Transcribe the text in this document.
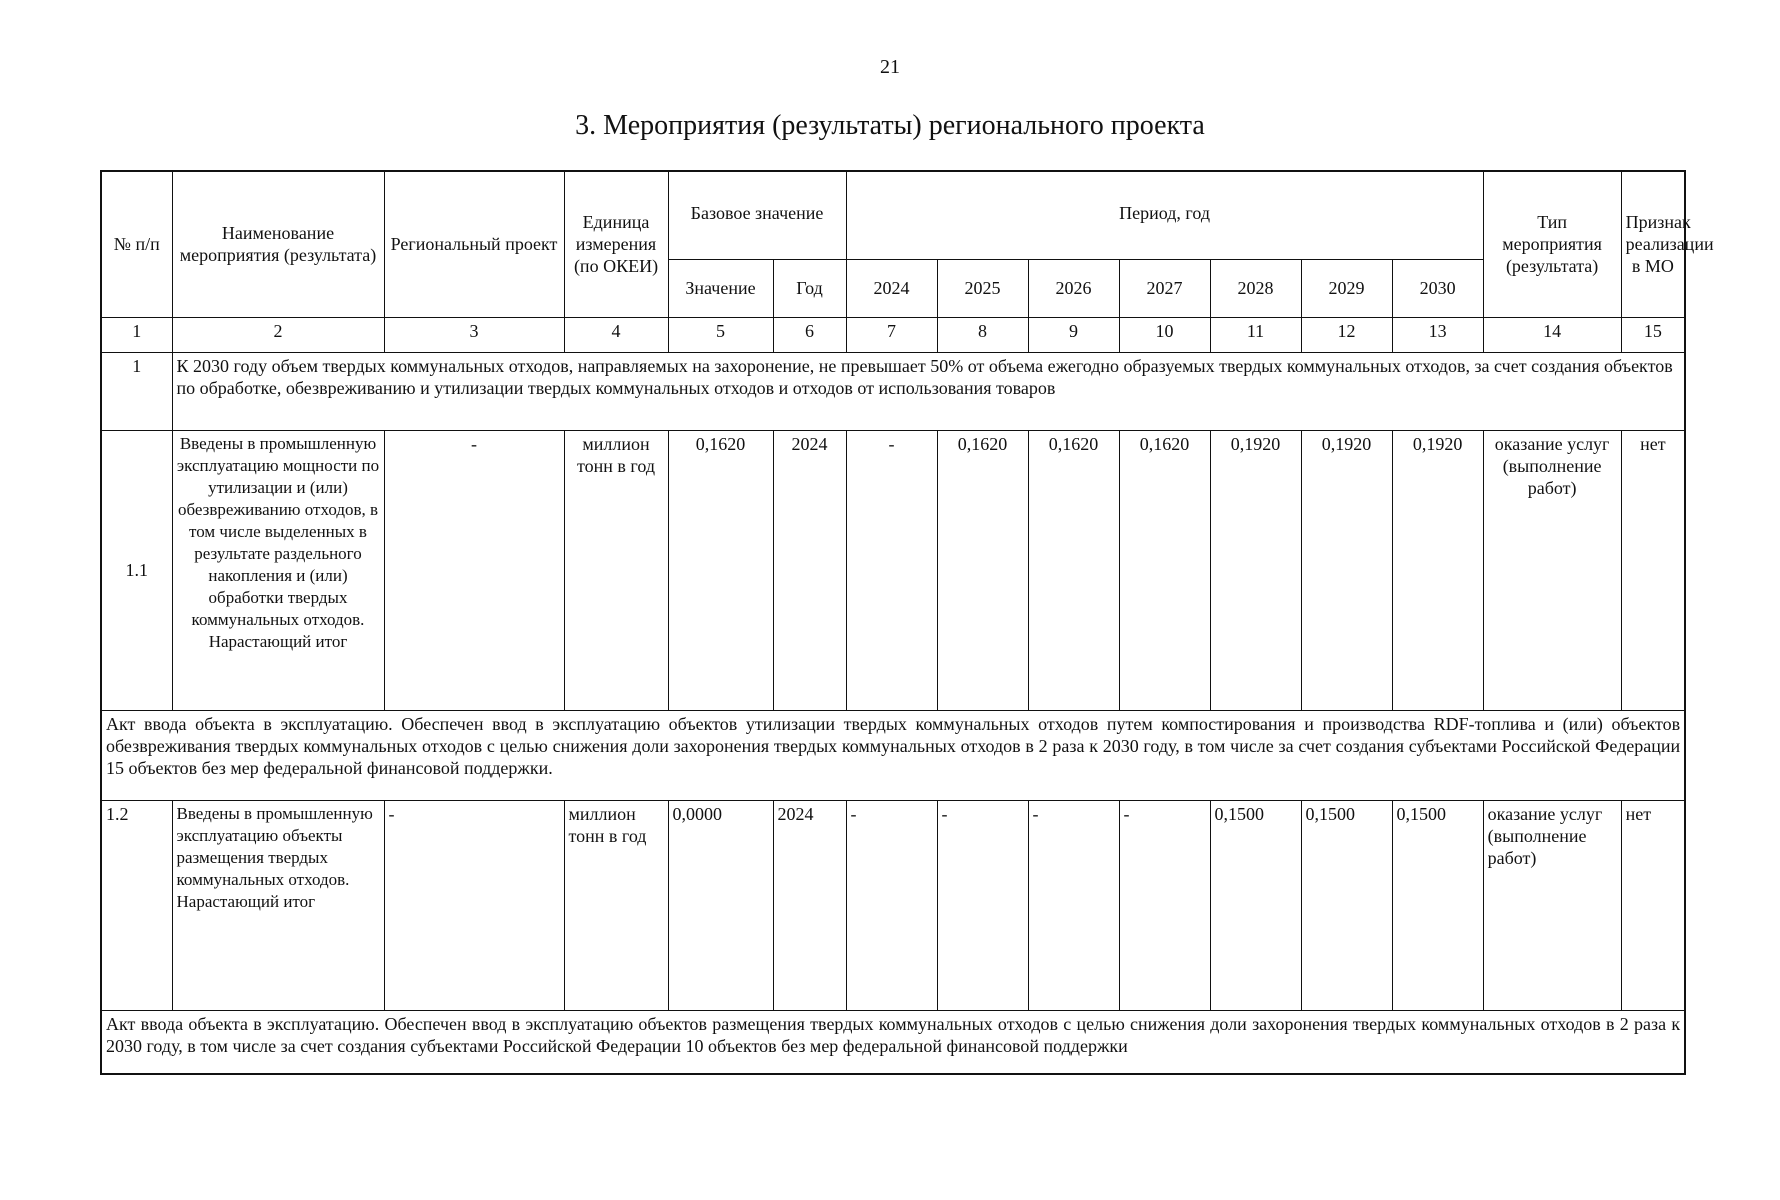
21
3. Мероприятия (результаты) регионального проекта
№ п/п	Наименование мероприятия (результата)	Региональный проект	Единица измерения (по ОКЕИ)	Базовое значение		Период, год							Тип мероприятия (результата)	Признак реализации в МО
				Значение	Год	2024	2025	2026	2027	2028	2029	2030		
1	2	3	4	5	6	7	8	9	10	11	12	13	14	15
1	К 2030 году объем твердых коммунальных отходов, направляемых на захоронение, не превышает 50% от объема ежегодно образуемых твердых коммунальных отходов, за счет создания объектов по обработке, обезвреживанию и утилизации твердых коммунальных отходов и отходов от использования товаров													
1.1	Введены в промышленную эксплуатацию мощности по утилизации и (или) обезвреживанию отходов, в том числе выделенных в результате раздельного накопления и (или) обработки твердых коммунальных отходов. Нарастающий итог	-	миллион тонн в год	0,1620	2024	-	0,1620	0,1620	0,1620	0,1920	0,1920	0,1920	оказание услуг (выполнение работ)	нет
Акт ввода объекта в эксплуатацию. Обеспечен ввод в эксплуатацию объектов утилизации твердых коммунальных отходов путем компостирования и производства RDF-топлива и (или) объектов обезвреживания твердых коммунальных отходов с целью снижения доли захоронения твердых коммунальных отходов в 2 раза к 2030 году, в том числе за счет создания субъектами Российской Федерации 15 объектов без мер федеральной финансовой поддержки.														
1.2	Введены в промышленную эксплуатацию объекты размещения твердых коммунальных отходов. Нарастающий итог	-	миллион тонн в год	0,0000	2024	-	-	-	-	0,1500	0,1500	0,1500	оказание услуг (выполнение работ)	нет
Акт ввода объекта в эксплуатацию. Обеспечен ввод в эксплуатацию объектов размещения твердых коммунальных отходов с целью снижения доли захоронения твердых коммунальных отходов в 2 раза к 2030 году, в том числе за счет создания субъектами Российской Федерации 10 объектов без мер федеральной финансовой поддержки														
